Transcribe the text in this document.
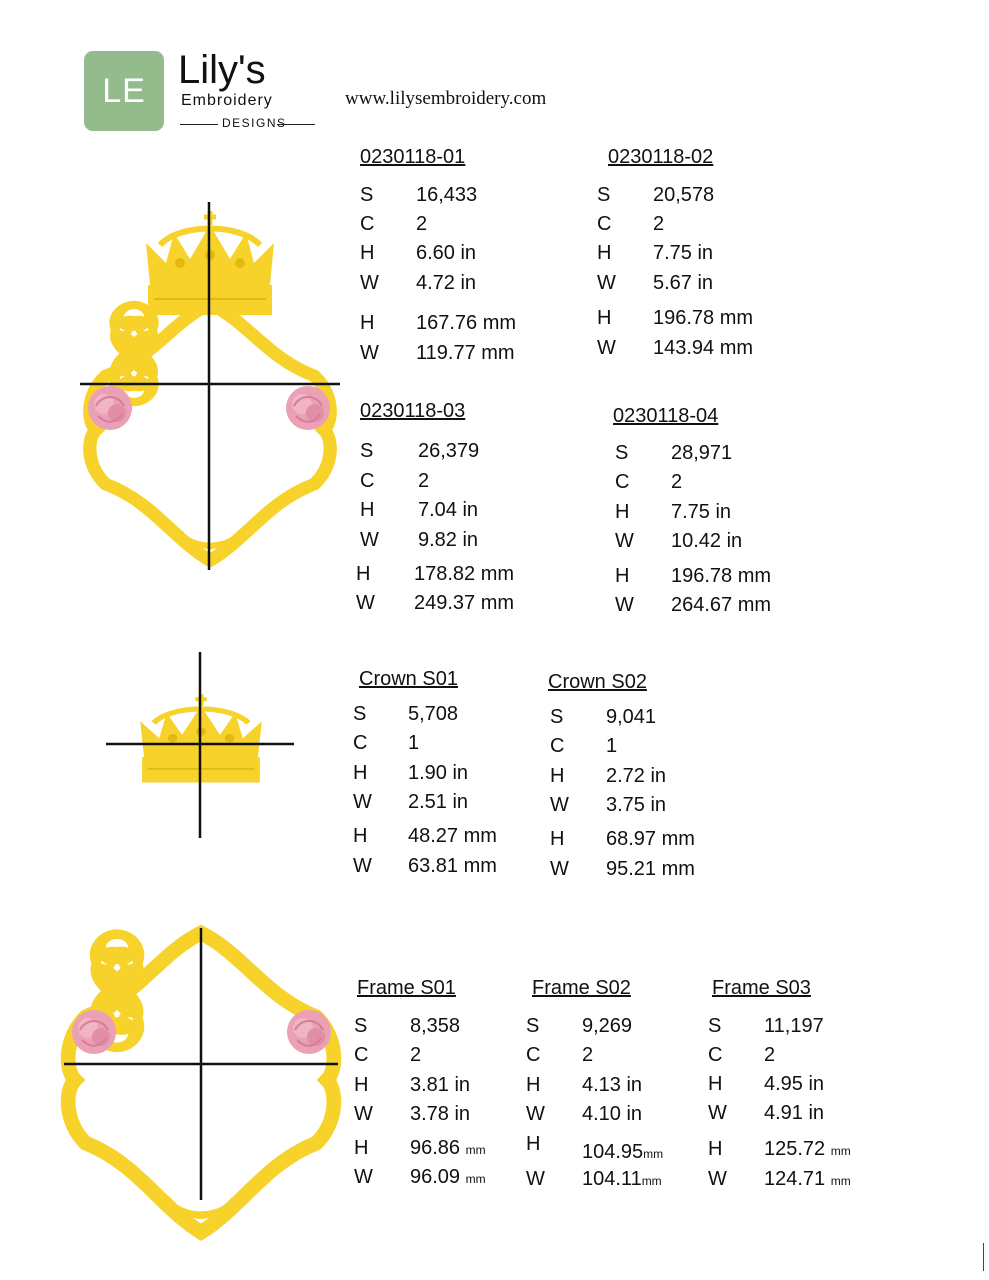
LE Lily's
Embroidery
DESIGNS
www.lilysembroidery.com
0230118-01
S 16,433
C 2
H 6.60 in
W 4.72 in
H 167.76 mm
W 119.77 mm
0230118-02
S 20,578
C 2
H 7.75 in
W 5.67 in
H 196.78 mm
W 143.94 mm
0230118-03
S 26,379
C 2
H 7.04 in
W 9.82 in
H 178.82 mm
W 249.37 mm
0230118-04
S 28,971
C 2
H 7.75 in
W 10.42 in
H 196.78 mm
W 264.67 mm
Crown S01
S 5,708
C 1
H 1.90 in
W 2.51 in
H 48.27 mm
W 63.81 mm
Crown S02
S 9,041
C 1
H 2.72 in
W 3.75 in
H 68.97 mm
W 95.21 mm
Frame S01
S 8,358
C 2
H 3.81 in
W 3.78 in
H 96.86 mm
W 96.09 mm
Frame S02
S 9,269
C 2
H 4.13 in
W 4.10 in
H 104.95mm
W 104.11mm
Frame S03
S 11,197
C 2
H 4.95 in
W 4.91 in
H 125.72 mm
W 124.71 mm
